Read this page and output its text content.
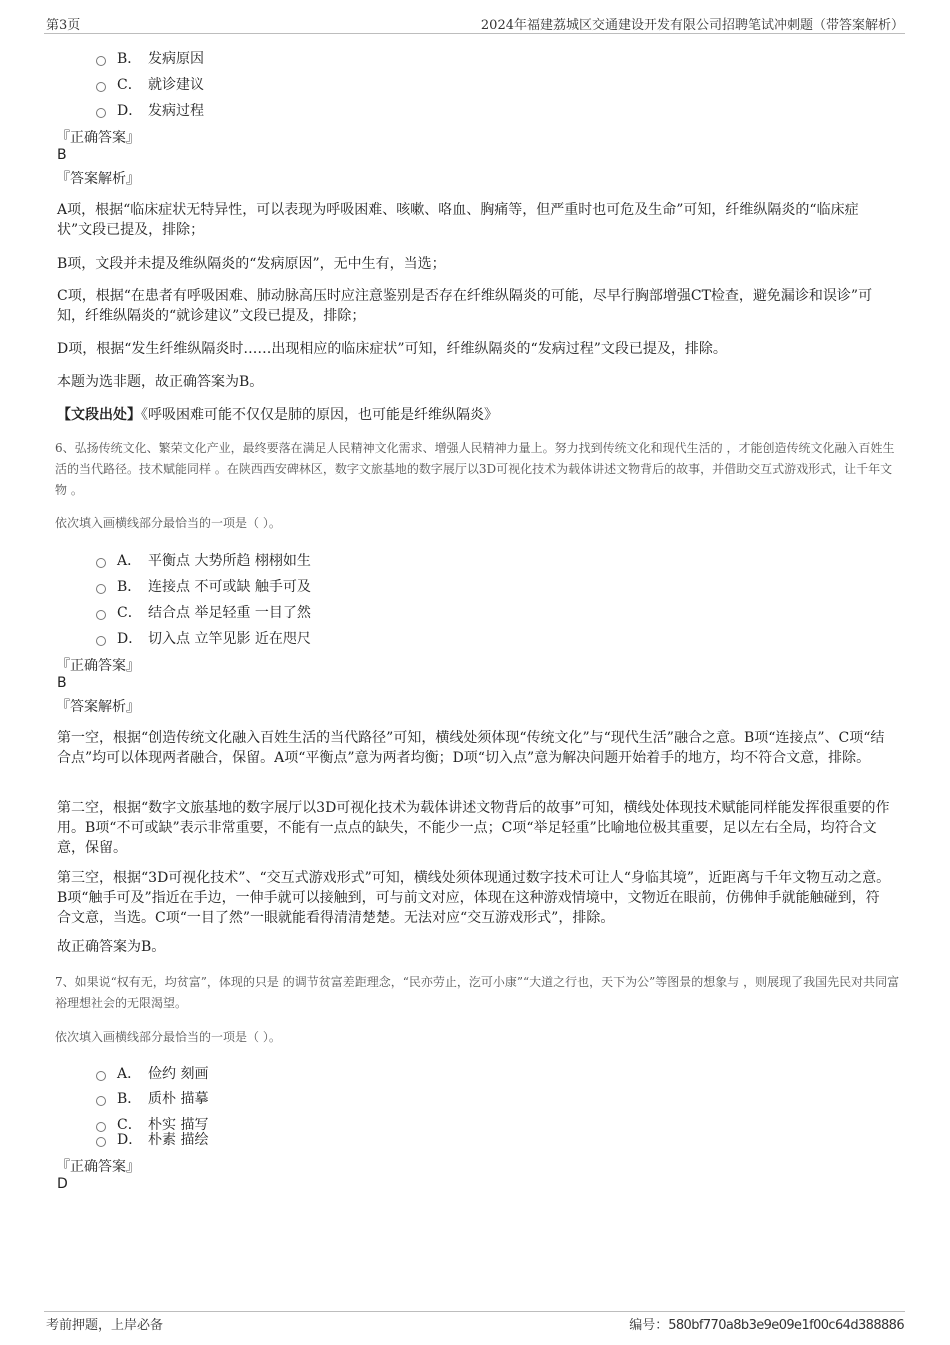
第3页	2024年福建荔城区交通建设开发有限公司招聘笔试冲刺题（带答案解析）
B． 发病原因
C． 就诊建议
D． 发病过程
『正确答案』
B
『答案解析』
A项，根据“临床症状无特异性，可以表现为呼吸困难、咳嗽、咯血、胸痛等，但严重时也可危及生命”可知，纤维纵隔炎的“临床症状”文段已提及，排除；
B项，文段并未提及维纵隔炎的“发病原因”，无中生有，当选；
C项，根据“在患者有呼吸困难、肺动脉高压时应注意鉴别是否存在纤维纵隔炎的可能，尽早行胸部增强CT检查，避免漏诊和误诊”可知，纤维纵隔炎的“就诊建议”文段已提及，排除；
D项，根据“发生纤维纵隔炎时……出现相应的临床症状”可知，纤维纵隔炎的“发病过程”文段已提及，排除。
本题为选非题，故正确答案为B。
【文段出处】《呼吸困难可能不仅仅是肺的原因，也可能是纤维纵隔炎》
6、弘扬传统文化、繁荣文化产业，最终要落在满足人民精神文化需求、增强人民精神力量上。努力找到传统文化和现代生活的 ，才能创造传统文化融入百姓生活的当代路径。技术赋能同样 。在陕西西安碑林区，数字文旅基地的数字展厅以3D可视化技术为载体讲述文物背后的故事，并借助交互式游戏形式，让千年文物 。
依次填入画横线部分最恰当的一项是（ ）。
A． 平衡点 大势所趋 栩栩如生
B． 连接点 不可或缺 触手可及
C． 结合点 举足轻重 一目了然
D． 切入点 立竿见影 近在咫尺
『正确答案』
B
『答案解析』
第一空，根据“创造传统文化融入百姓生活的当代路径”可知，横线处须体现“传统文化”与“现代生活”融合之意。B项“连接点”、C项“结合点”均可以体现两者融合，保留。A项“平衡点”意为两者均衡；D项“切入点”意为解决问题开始着手的地方，均不符合文意，排除。
第二空，根据“数字文旅基地的数字展厅以3D可视化技术为载体讲述文物背后的故事”可知，横线处体现技术赋能同样能发挥很重要的作用。B项“不可或缺”表示非常重要，不能有一点点的缺失，不能少一点；C项“举足轻重”比喻地位极其重要，足以左右全局，均符合文意，保留。
第三空，根据“3D可视化技术”、“交互式游戏形式”可知，横线处须体现通过数字技术可让人“身临其境”，近距离与千年文物互动之意。B项“触手可及”指近在手边，一伸手就可以接触到，可与前文对应，体现在这种游戏情境中，文物近在眼前，仿佛伸手就能触碰到，符合文意，当选。C项“一目了然”一眼就能看得清清楚楚。无法对应“交互游戏形式”，排除。
故正确答案为B。
7、如果说“权有无，均贫富”，体现的只是 的调节贫富差距理念，“民亦劳止，汔可小康”“大道之行也，天下为公”等图景的想象与 ，则展现了我国先民对共同富裕理想社会的无限渴望。
依次填入画横线部分最恰当的一项是（ ）。
A． 俭约 刻画
B． 质朴 描摹
C． 朴实 描写
D． 朴素 描绘
『正确答案』
D
考前押题，上岸必备	编号：580bf770a8b3e9e09e1f00c64d388886
